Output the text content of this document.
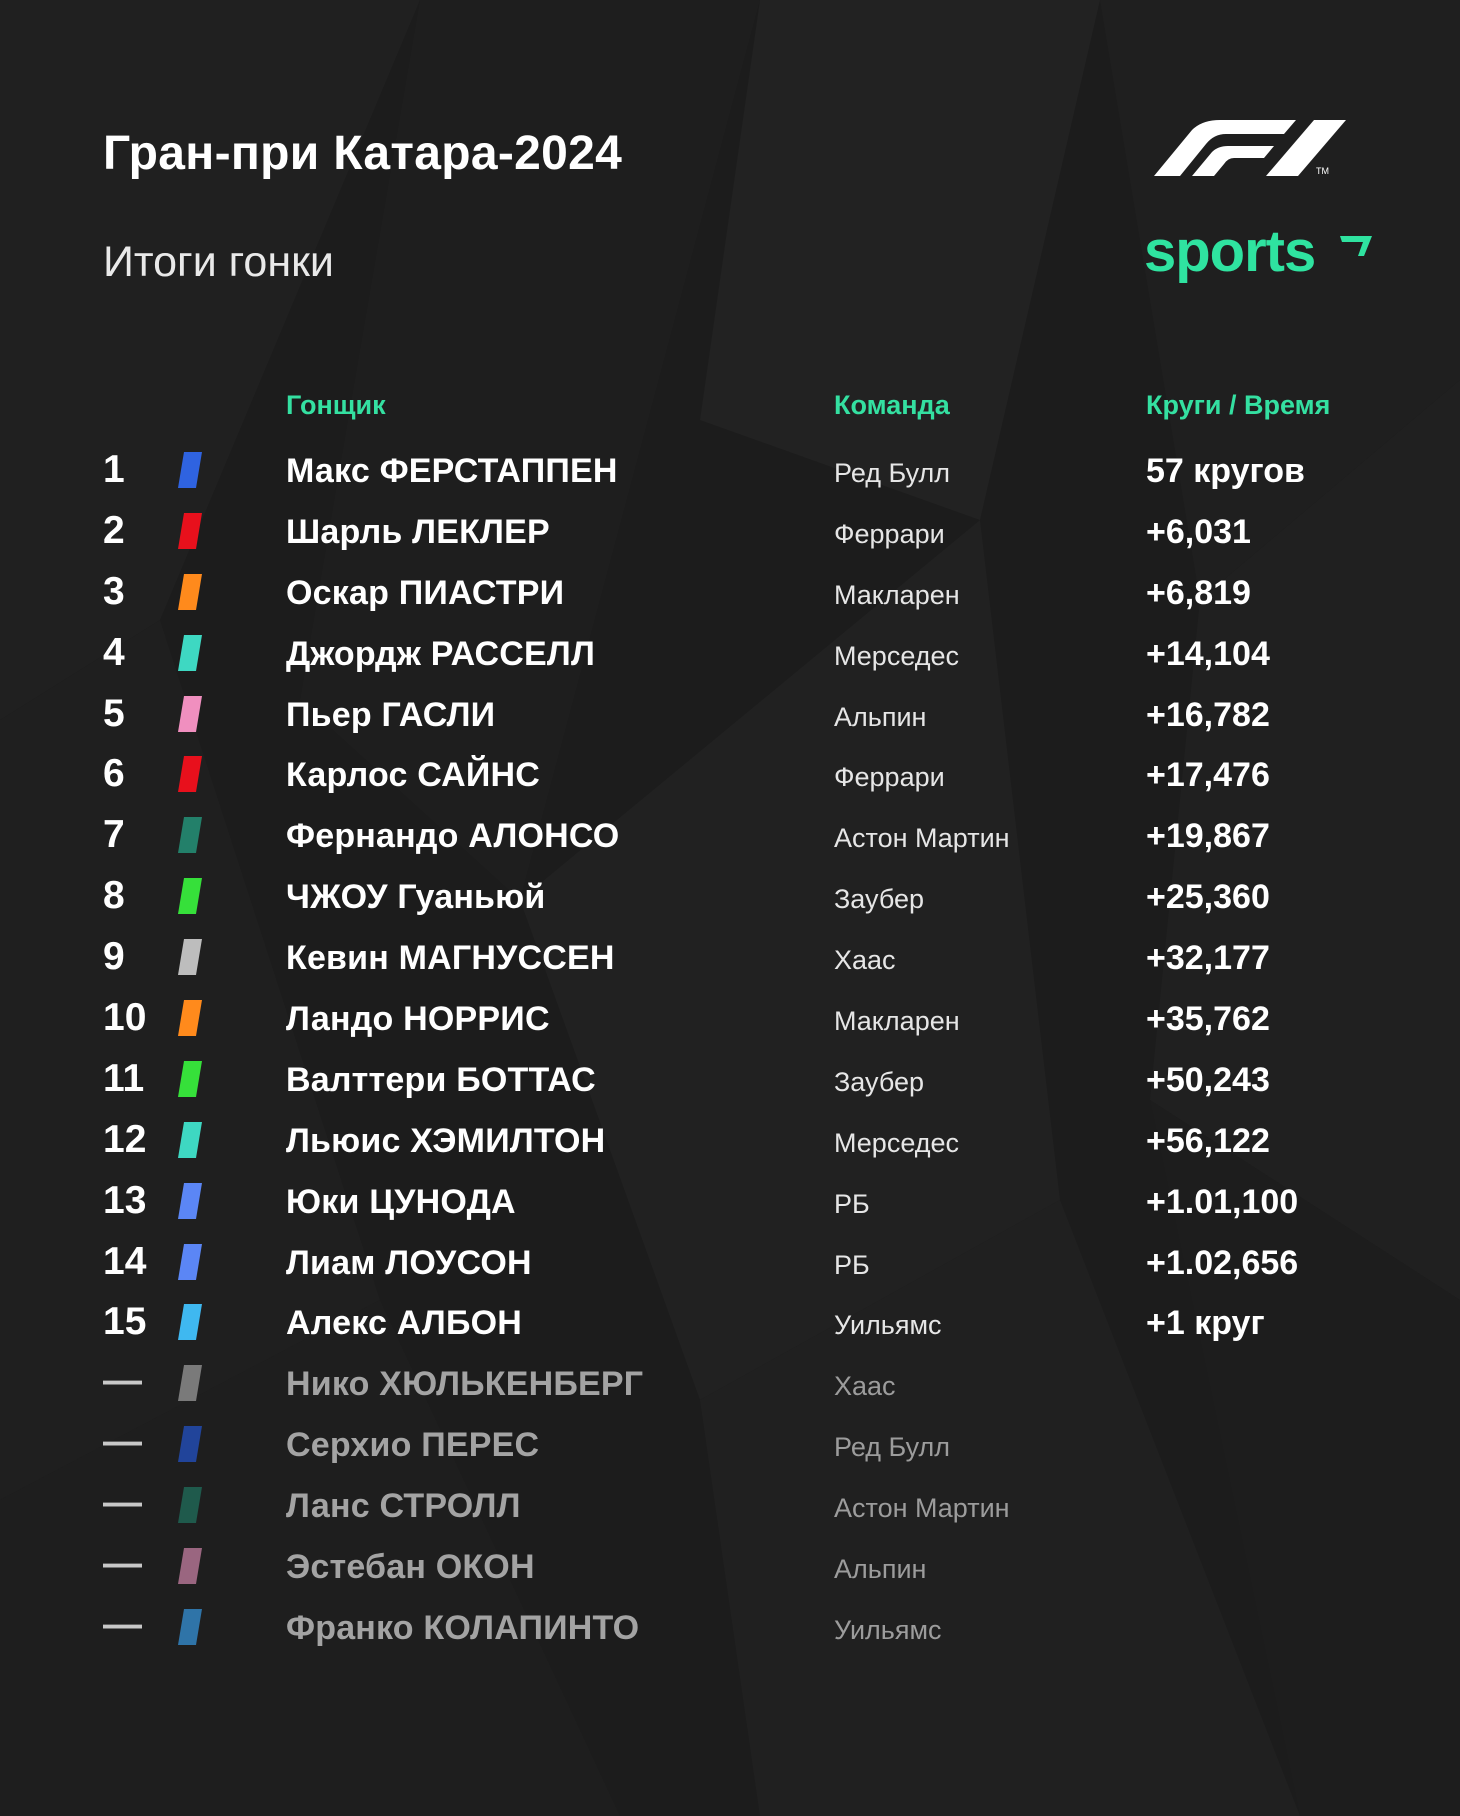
Гран-при Катара-2024
Итоги гонки
TM
sports
Гонщик	Команда	Круги / Время
1	Макс ФЕРСТАППЕН	Ред Булл	57 кругов
2	Шарль ЛЕКЛЕР	Феррари	+6,031
3	Оскар ПИАСТРИ	Макларен	+6,819
4	Джордж РАССЕЛЛ	Мерседес	+14,104
5	Пьер ГАСЛИ	Альпин	+16,782
6	Карлос САЙНС	Феррари	+17,476
7	Фернандо АЛОНСО	Астон Мартин	+19,867
8	ЧЖОУ Гуаньюй	Заубер	+25,360
9	Кевин МАГНУССЕН	Хаас	+32,177
10	Ландо НОРРИС	Макларен	+35,762
11	Валттери БОТТАС	Заубер	+50,243
12	Льюис ХЭМИЛТОН	Мерседес	+56,122
13	Юки ЦУНОДА	РБ	+1.01,100
14	Лиам ЛОУСОН	РБ	+1.02,656
15	Алекс АЛБОН	Уильямс	+1 круг
—	Нико ХЮЛЬКЕНБЕРГ	Хаас
—	Серхио ПЕРЕС	Ред Булл
—	Ланс СТРОЛЛ	Астон Мартин
—	Эстебан ОКОН	Альпин
—	Франко КОЛАПИНТО	Уильямс
